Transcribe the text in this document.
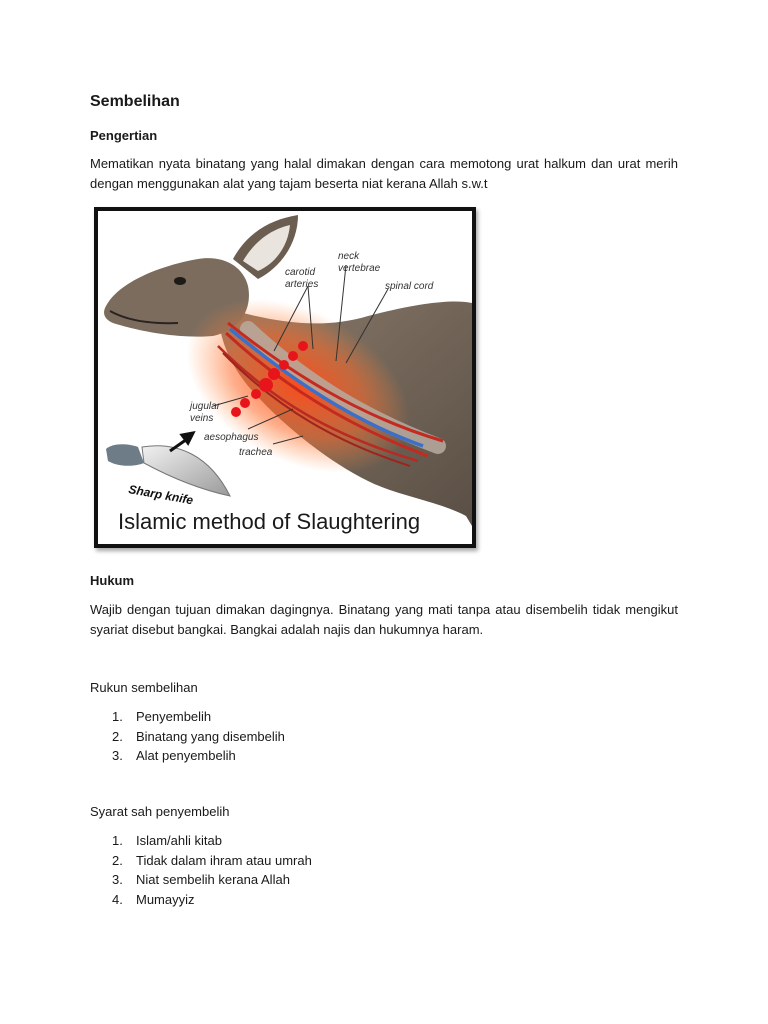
Sembelihan
Pengertian

Mematikan nyata binatang yang halal dimakan dengan cara memotong urat halkum dan urat merih dengan menggunakan alat yang tajam beserta niat kerana Allah s.w.t

neck
vertebrae
carotid
arteries	spinal cord
jugular
veins
aesophagus
trachea
Sharp knife
Islamic method of Slaughtering
Hukum

Wajib dengan tujuan dimakan dagingnya. Binatang yang mati tanpa atau disembelih tidak mengikut syariat disebut bangkai. Bangkai adalah najis dan hukumnya haram.

Rukun sembelihan
1.	Penyembelih
2.	Binatang yang disembelih
3.	Alat penyembelih
Syarat sah penyembelih
1.	Islam/ahli kitab
2.	Tidak dalam ihram atau umrah
3.	Niat sembelih kerana Allah
4.	Mumayyiz
